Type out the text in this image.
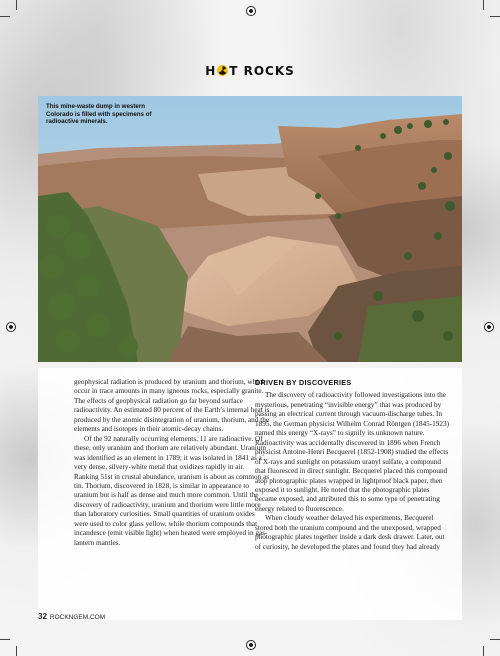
H T ROCKS
This mine-waste dump in western Colorado is filled with specimens of radioactive minerals.

geophysical radiation is produced by uranium and thorium, which occur in trace amounts in many igneous rocks, especially granite. The effects of geophysical radiation go far beyond surface radioactivity. An estimated 80 percent of the Earth’s internal heat is produced by the atomic disintegration of uranium, thorium, and the elements and isotopes in their atomic-decay chains.

Of the 92 naturally occurring elements, 11 are radioactive. Of these, only uranium and thorium are relatively abundant. Uranium was identified as an element in 1789; it was isolated in 1841 as a very dense, silvery-white metal that oxidizes rapidly in air. Ranking 51st in crustal abundance, uranium is about as common as tin. Thorium, discovered in 1828, is similar in appearance to uranium but is half as dense and much more common. Until the discovery of radioactivity, uranium and thorium were little more than laboratory curiosities. Small quantities of uranium oxides were used to color glass yellow, while thorium compounds that incandesce (emit visible light) when heated were employed in gas-lantern mantles.

DRIVEN BY DISCOVERIES

The discovery of radioactivity followed investigations into the mysterious, penetrating “invisible energy” that was produced by passing an electrical current through vacuum-discharge tubes. In 1895, the German physicist Wilhelm Conrad Röntgen (1845-1923) named this energy “X-rays” to signify its unknown nature. Radioactivity was accidentally discovered in 1896 when French physicist Antoine-Henri Becquerel (1852-1908) studied the effects of X-rays and sunlight on potassium uranyl sulfate, a compound that fluoresced in direct sunlight. Becquerel placed this compound atop photographic plates wrapped in lightproof black paper, then exposed it to sunlight. He noted that the photographic plates became exposed, and attributed this to some type of penetrating energy related to fluorescence.

When cloudy weather delayed his experiments, Becquerel stored both the uranium compound and the unexposed, wrapped photographic plates together inside a dark desk drawer. Later, out of curiosity, he developed the plates and found they had already

32 ROCKNGEM.COM
